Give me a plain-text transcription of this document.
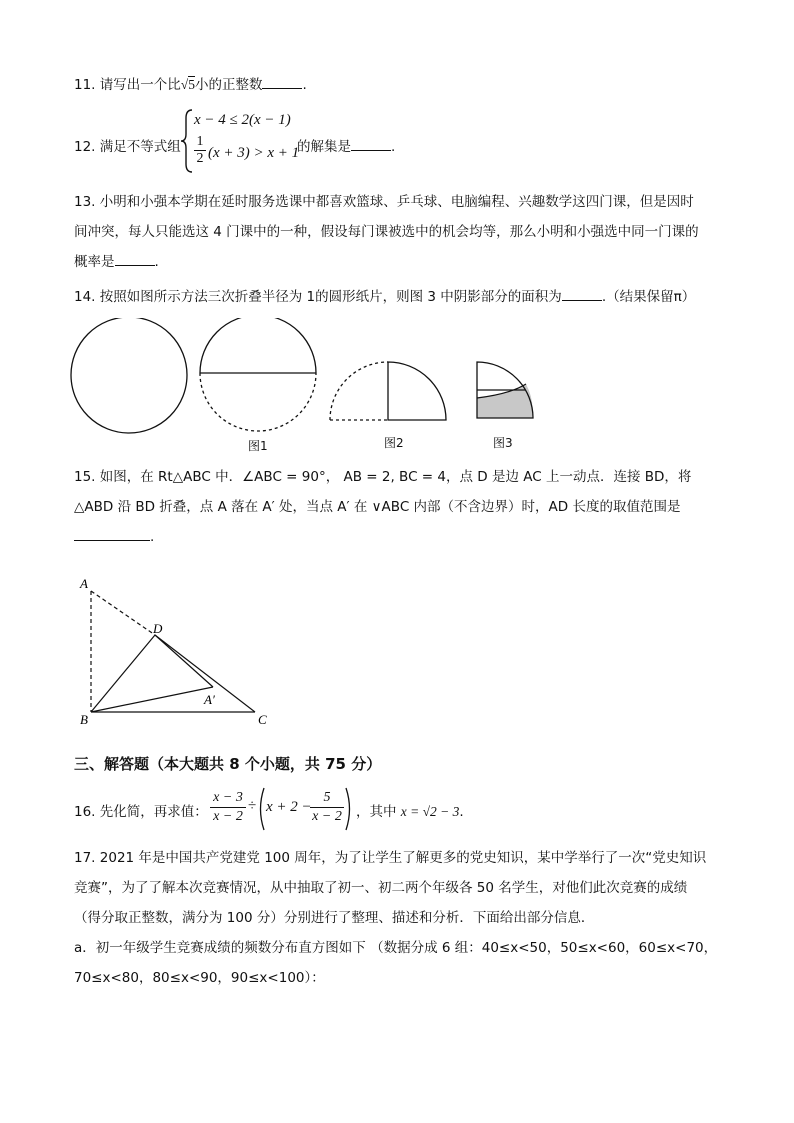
11. 请写出一个比√5小的正整数	.
12. 满足不等式组
x − 4 ≤ 2(x − 1)
1
2 (x + 3) > x + 1
的解集是	.
13. 小明和小强本学期在延时服务选课中都喜欢篮球、乒乓球、电脑编程、兴趣数学这四门课，但是因时
间冲突，每人只能选这 4 门课中的一种，假设每门课被选中的机会均等，那么小明和小强选中同一门课的
概率是	.
14. 按照如图所示方法三次折叠半径为 1的圆形纸片，则图 3 中阴影部分的面积为	.（结果保留π）
图1	图2	图3
15. 如图，在 Rt△ABC 中．∠ABC = 90°， AB = 2, BC = 4，点 D 是边 AC 上一动点．连接 BD，将
△ABD 沿 BD 折叠，点 A 落在 A′ 处，当点 A′ 在 ∨ABC 内部（不含边界）时，AD 长度的取值范围是
.
A
B	C
D
A′
三、解答题（本大题共 8 个小题，共 75 分）
16. 先化简，再求值：
x − 3
x − 2
÷ x + 2 −
5
x − 2 ，其中 x = √2 − 3.
17. 2021 年是中国共产党建党 100 周年，为了让学生了解更多的党史知识，某中学举行了一次“党史知识
竞赛”，为了了解本次竞赛情况，从中抽取了初一、初二两个年级各 50 名学生，对他们此次竞赛的成绩
（得分取正整数，满分为 100 分）分别进行了整理、描述和分析．下面给出部分信息．
a．初一年级学生竞赛成绩的频数分布直方图如下 （数据分成 6 组：40≤x<50，50≤x<60，60≤x<70，
70≤x<80，80≤x<90，90≤x<100）：
